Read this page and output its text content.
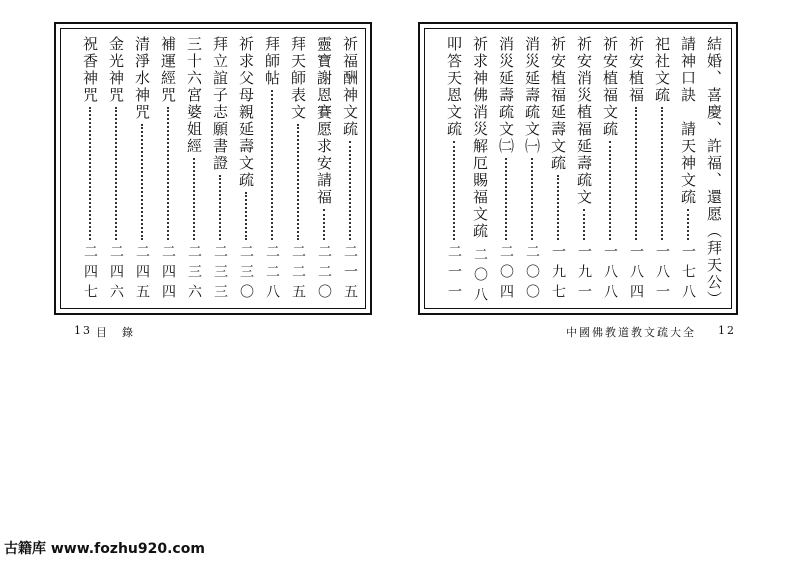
祈福酬神文疏
二一五
靈寶謝恩賽愿求安請福
二二〇
拜天師表文
二二五
拜師帖
二二八
祈求父母親延壽文疏
二三〇
拜立誼子志願書證
二三三
三十六宮婆姐經
二三六
補運經咒
二四四
清淨水神咒
二四五
金光神咒
二四六
祝香神咒
二四七
13 目　錄
結婚、喜慶、許福、還愿（拜天公）
請神口訣　請天神文疏
一七八
祀社文疏
一八一
祈安植福
一八四
祈安植福文疏
一八八
祈安消災植福延壽疏文
一九一
祈安植福延壽文疏
一九七
消災延壽疏文㈠
二〇〇
消災延壽疏文㈡
二〇四
祈求神佛消災解厄賜福文疏
二〇八
叩答天恩文疏
二一一
中國佛教道教文疏大全 12
古籍库 www.fozhu920.com
